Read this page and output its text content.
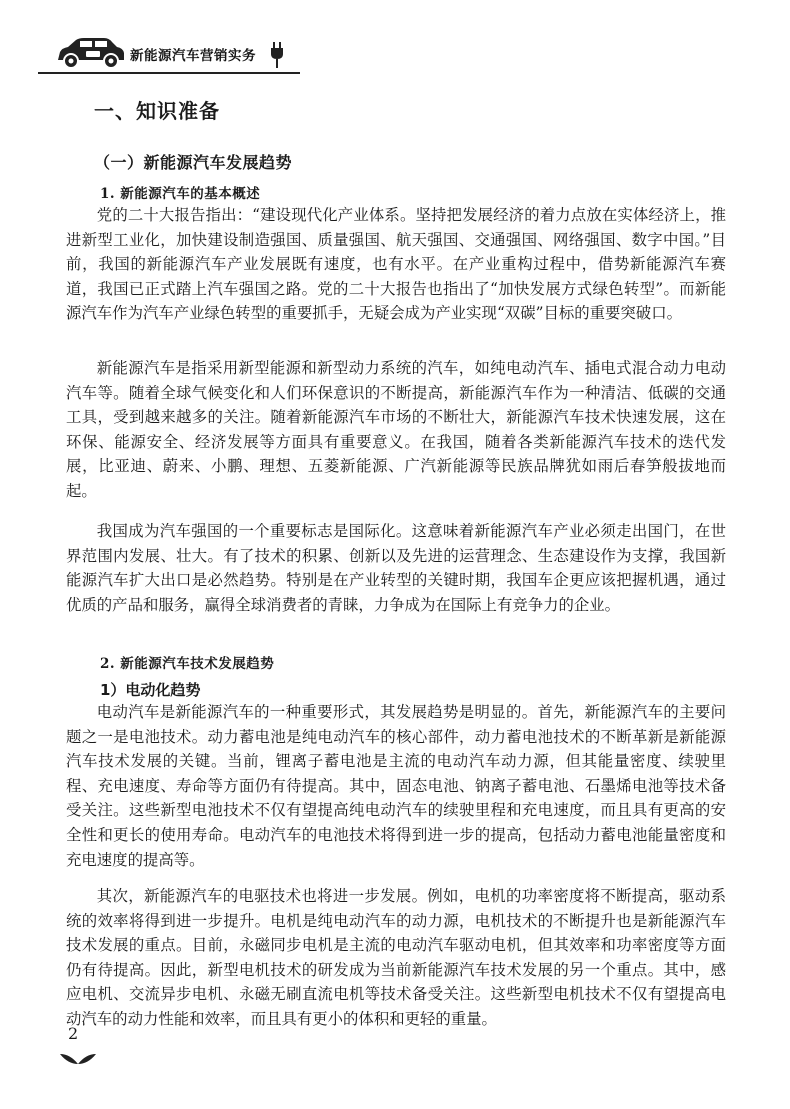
新能源汽车营销实务
一、知识准备
（一）新能源汽车发展趋势
1. 新能源汽车的基本概述

党的二十大报告指出：“建设现代化产业体系。坚持把发展经济的着力点放在实体经济上，推进新型工业化，加快建设制造强国、质量强国、航天强国、交通强国、网络强国、数字中国。”目前，我国的新能源汽车产业发展既有速度，也有水平。在产业重构过程中，借势新能源汽车赛道，我国已正式踏上汽车强国之路。党的二十大报告也指出了“加快发展方式绿色转型”。而新能源汽车作为汽车产业绿色转型的重要抓手，无疑会成为产业实现“双碳”目标的重要突破口。

新能源汽车是指采用新型能源和新型动力系统的汽车，如纯电动汽车、插电式混合动力电动汽车等。随着全球气候变化和人们环保意识的不断提高，新能源汽车作为一种清洁、低碳的交通工具，受到越来越多的关注。随着新能源汽车市场的不断壮大，新能源汽车技术快速发展，这在环保、能源安全、经济发展等方面具有重要意义。在我国，随着各类新能源汽车技术的迭代发展，比亚迪、蔚来、小鹏、理想、五菱新能源、广汽新能源等民族品牌犹如雨后春笋般拔地而起。

我国成为汽车强国的一个重要标志是国际化。这意味着新能源汽车产业必须走出国门，在世界范围内发展、壮大。有了技术的积累、创新以及先进的运营理念、生态建设作为支撑，我国新能源汽车扩大出口是必然趋势。特别是在产业转型的关键时期，我国车企更应该把握机遇，通过优质的产品和服务，赢得全球消费者的青睐，力争成为在国际上有竞争力的企业。

2. 新能源汽车技术发展趋势
1）电动化趋势

电动汽车是新能源汽车的一种重要形式，其发展趋势是明显的。首先，新能源汽车的主要问题之一是电池技术。动力蓄电池是纯电动汽车的核心部件，动力蓄电池技术的不断革新是新能源汽车技术发展的关键。当前，锂离子蓄电池是主流的电动汽车动力源，但其能量密度、续驶里程、充电速度、寿命等方面仍有待提高。其中，固态电池、钠离子蓄电池、石墨烯电池等技术备受关注。这些新型电池技术不仅有望提高纯电动汽车的续驶里程和充电速度，而且具有更高的安全性和更长的使用寿命。电动汽车的电池技术将得到进一步的提高，包括动力蓄电池能量密度和充电速度的提高等。

其次，新能源汽车的电驱技术也将进一步发展。例如，电机的功率密度将不断提高，驱动系统的效率将得到进一步提升。电机是纯电动汽车的动力源，电机技术的不断提升也是新能源汽车技术发展的重点。目前，永磁同步电机是主流的电动汽车驱动电机，但其效率和功率密度等方面仍有待提高。因此，新型电机技术的研发成为当前新能源汽车技术发展的另一个重点。其中，感应电机、交流异步电机、永磁无刷直流电机等技术备受关注。这些新型电机技术不仅有望提高电动汽车的动力性能和效率，而且具有更小的体积和更轻的重量。

2
